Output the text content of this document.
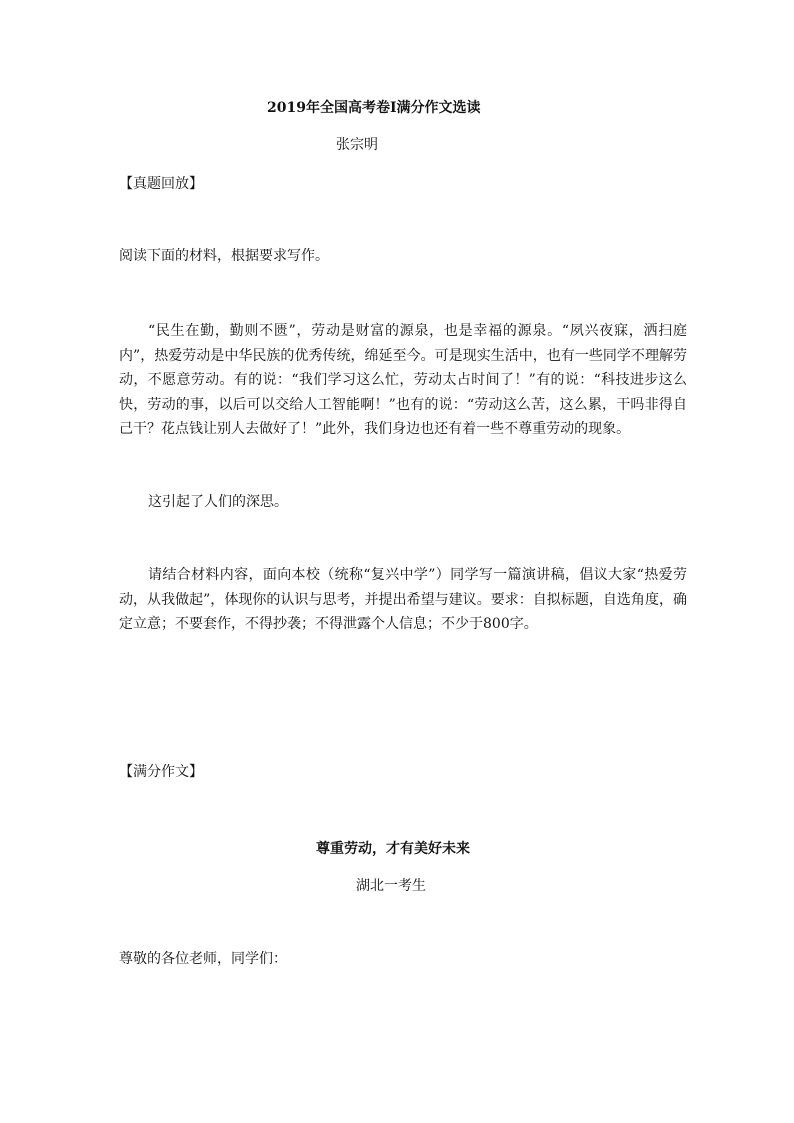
2019年全国高考卷Ⅰ满分作文选读
张宗明
【真题回放】
阅读下面的材料，根据要求写作。
“民生在勤，勤则不匮”，劳动是财富的源泉，也是幸福的源泉。“夙兴夜寐，洒扫庭内”，热爱劳动是中华民族的优秀传统，绵延至今。可是现实生活中，也有一些同学不理解劳动，不愿意劳动。有的说：“我们学习这么忙，劳动太占时间了！”有的说：“科技进步这么快，劳动的事，以后可以交给人工智能啊！”也有的说：“劳动这么苦，这么累，干吗非得自己干？花点钱让别人去做好了！”此外，我们身边也还有着一些不尊重劳动的现象。
这引起了人们的深思。
请结合材料内容，面向本校（统称“复兴中学”）同学写一篇演讲稿，倡议大家“热爱劳动，从我做起”，体现你的认识与思考，并提出希望与建议。要求：自拟标题，自选角度，确定立意；不要套作，不得抄袭；不得泄露个人信息；不少于800字。
【满分作文】
尊重劳动，才有美好未来
湖北一考生
尊敬的各位老师，同学们：
